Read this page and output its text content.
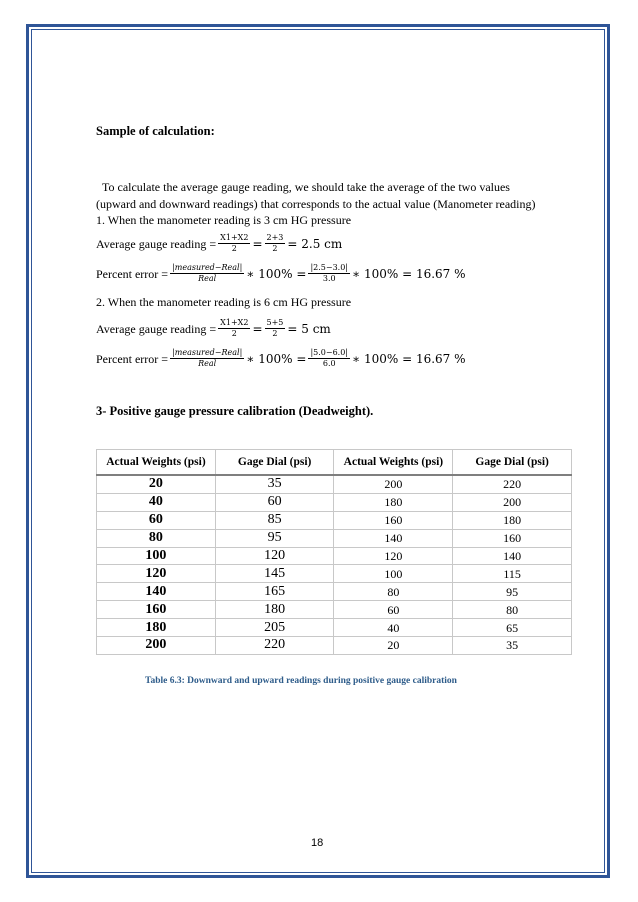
Sample of calculation:
To calculate the average gauge reading, we should take the average of the two values
(upward and downward readings) that corresponds to the actual value (Manometer reading)
1. When the manometer reading is 3 cm HG pressure
Average gauge reading = $\frac{X1+X2}{2} = \frac{2+3}{2} = 2.5$ cm
Percent error = $\frac{\text{|measured−Real|}}{\text{Real}}$ ∗ $100\% = \frac{|2.5-3.0|}{3.0}$ ∗ 100% = 16.67 %
2. When the manometer reading is 6 cm HG pressure
Average gauge reading = $\frac{X1+X2}{2} = \frac{5+5}{2} = 5$ cm
Percent error = $\frac{\text{|measured−Real|}}{\text{Real}}$ ∗ $100\% = \frac{|5.0-6.0|}{6.0}$ ∗ 100% = 16.67 %
3- Positive gauge pressure calibration (Deadweight).
Actual Weights (psi)	Gage Dial (psi)	Actual Weights (psi)	Gage Dial (psi)
20	35	200	220
40	60	180	200
60	85	160	180
80	95	140	160
100	120	120	140
120	145	100	115
140	165	80	95
160	180	60	80
180	205	40	65
200	220	20	35
Table 6.3: Downward and upward readings during positive gauge calibration
18
